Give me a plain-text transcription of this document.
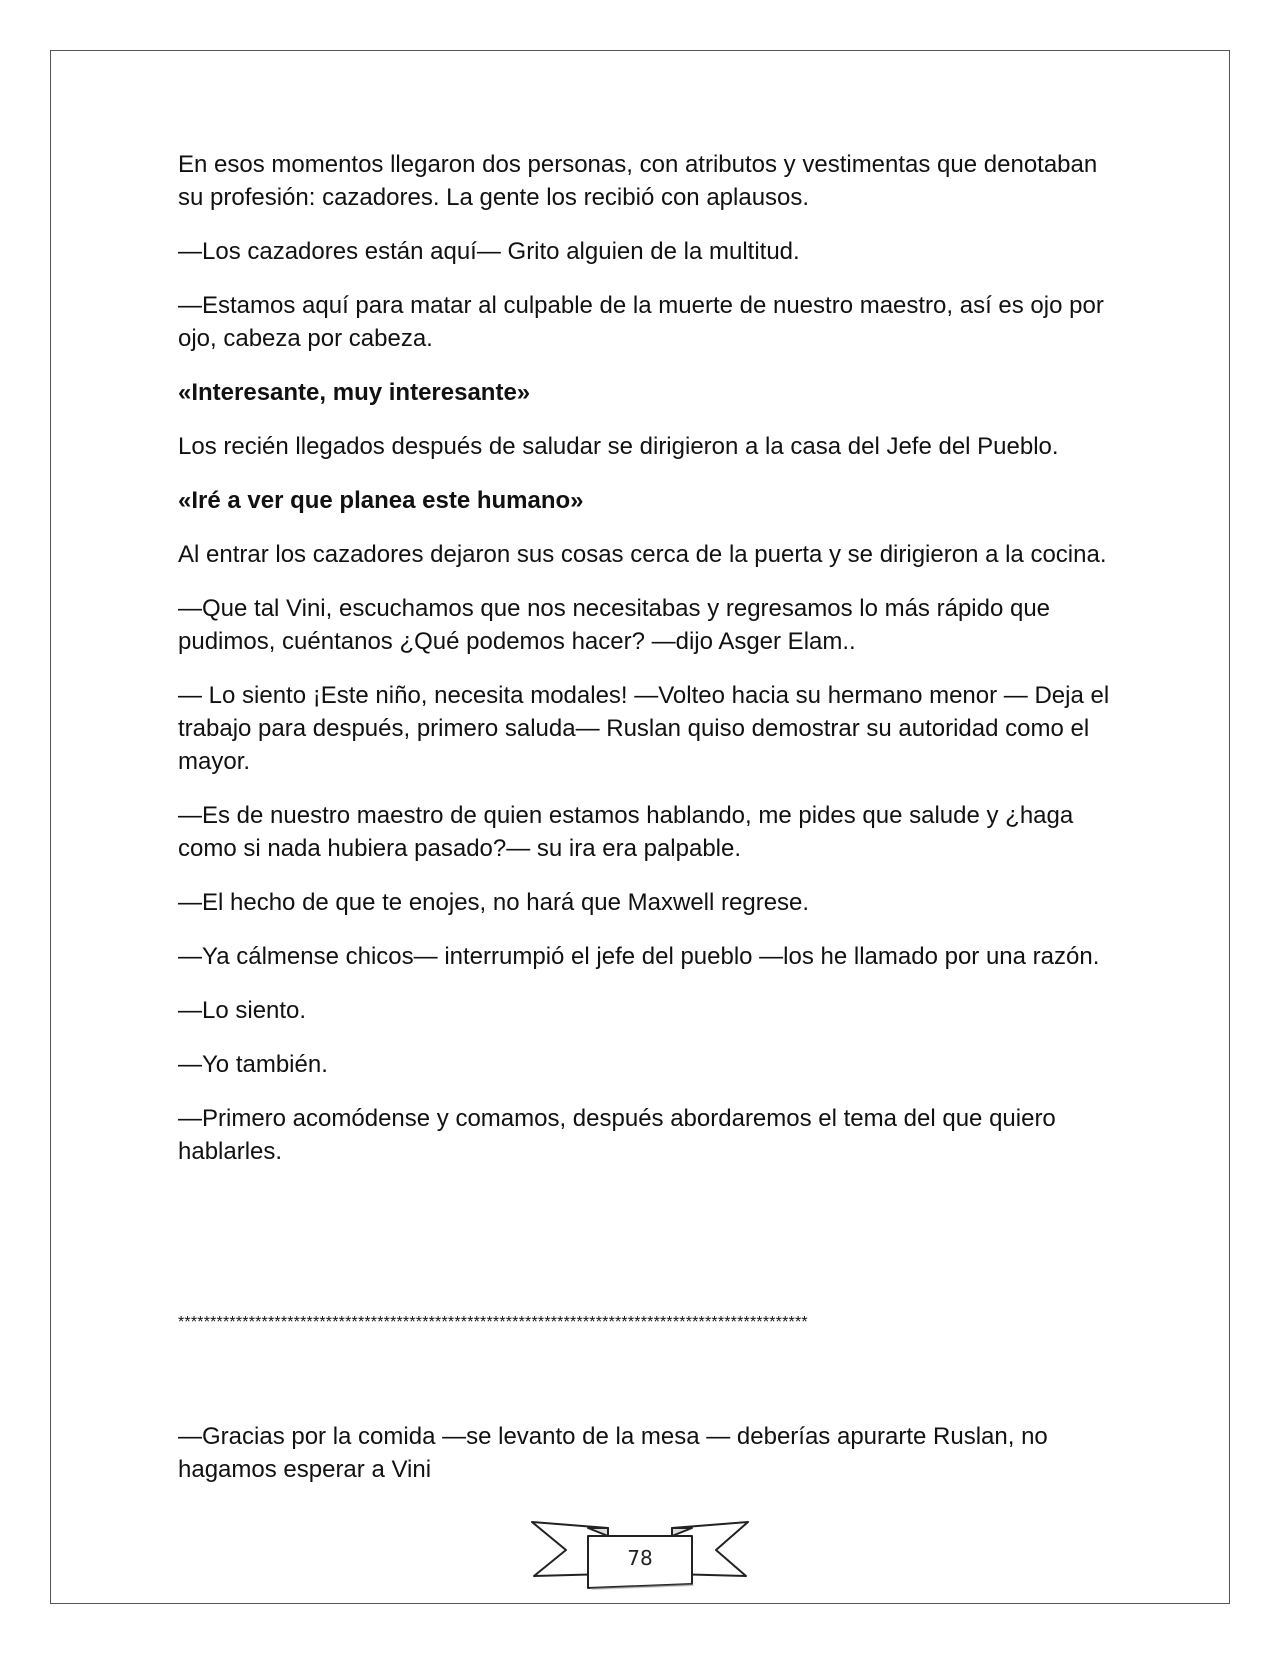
En esos momentos llegaron dos personas, con atributos y vestimentas que denotaban su profesión: cazadores. La gente los recibió con aplausos.

—Los cazadores están aquí— Grito alguien de la multitud.

—Estamos aquí para matar al culpable de la muerte de nuestro maestro, así es ojo por ojo, cabeza por cabeza.

«Interesante, muy interesante»

Los recién llegados después de saludar se dirigieron a la casa del Jefe del Pueblo.

«Iré a ver que planea este humano»

Al entrar los cazadores dejaron sus cosas cerca de la puerta y se dirigieron a la cocina.

—Que tal Vini, escuchamos que nos necesitabas y regresamos lo más rápido que pudimos, cuéntanos ¿Qué podemos hacer? —dijo Asger Elam..

— Lo siento ¡Este niño, necesita modales! —Volteo hacia su hermano menor — Deja el trabajo para después, primero saluda— Ruslan quiso demostrar su autoridad como el mayor.

—Es de nuestro maestro de quien estamos hablando, me pides que salude y ¿haga como si nada hubiera pasado?— su ira era palpable.

—El hecho de que te enojes, no hará que Maxwell regrese.

—Ya cálmense chicos— interrumpió el jefe del pueblo —los he llamado por una razón.

—Lo siento.

—Yo también.

—Primero acomódense y comamos, después abordaremos el tema del que quiero hablarles.

**************************************************************************************************

—Gracias por la comida —se levanto de la mesa — deberías apurarte Ruslan, no hagamos esperar a Vini

78
